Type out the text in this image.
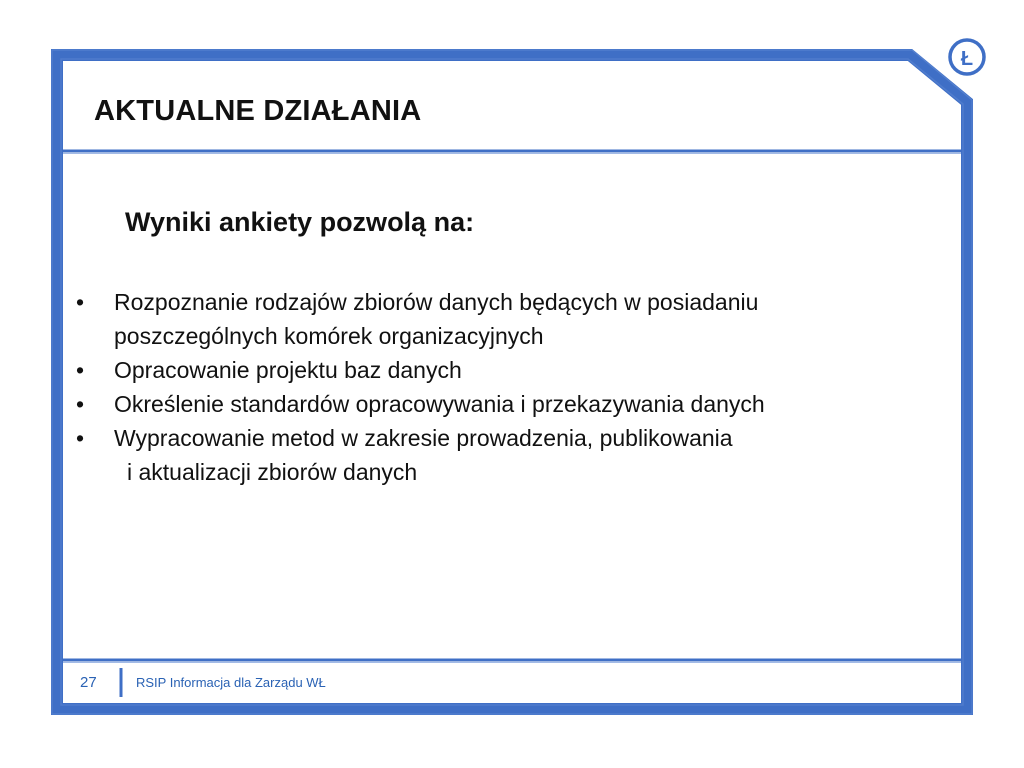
Ł
AKTUALNE DZIAŁANIA
Wyniki ankiety pozwolą na:
•	Rozpoznanie rodzajów zbiorów danych będących w posiadaniu
poszczególnych komórek organizacyjnych
•	Opracowanie projektu baz danych
•	Określenie standardów opracowywania i przekazywania danych
•	Wypracowanie metod w zakresie prowadzenia, publikowania
i aktualizacji zbiorów danych
27	RSIP Informacja dla Zarządu WŁ
